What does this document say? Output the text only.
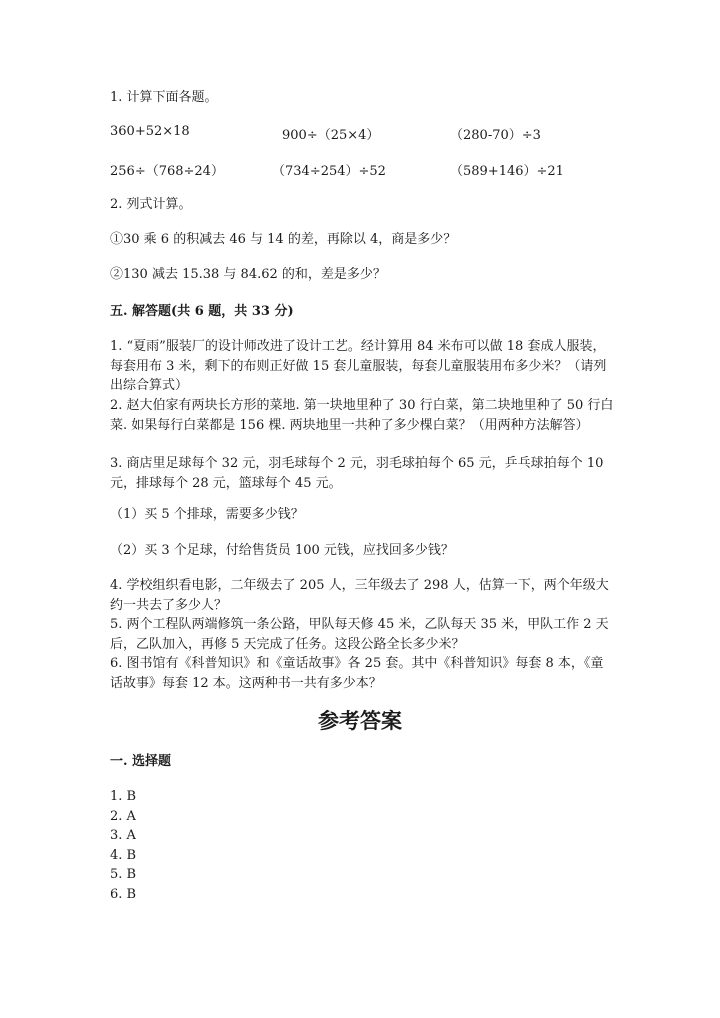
1. 计算下面各题。
360+52×18	900÷（25×4）	（280-70）÷3
256÷（768÷24）	（734÷254）÷52	（589+146）÷21
2. 列式计算。
①30 乘 6 的积减去 46 与 14 的差，再除以 4，商是多少？
②130 减去 15.38 与 84.62 的和，差是多少？
五. 解答题(共 6 题，共 33 分)
1. “夏雨”服装厂的设计师改进了设计工艺。经计算用 84 米布可以做 18 套成人服装，每套用布 3 米，剩下的布则正好做 15 套儿童服装，每套儿童服装用布多少米？（请列出综合算式）
2. 赵大伯家有两块长方形的菜地. 第一块地里种了 30 行白菜，第二块地里种了 50 行白菜. 如果每行白菜都是 156 棵. 两块地里一共种了多少棵白菜？（用两种方法解答）
3. 商店里足球每个 32 元，羽毛球每个 2 元，羽毛球拍每个 65 元，乒乓球拍每个 10 元，排球每个 28 元，篮球每个 45 元。
（1）买 5 个排球，需要多少钱？
（2）买 3 个足球，付给售货员 100 元钱，应找回多少钱？
4. 学校组织看电影，二年级去了 205 人，三年级去了 298 人，估算一下，两个年级大约一共去了多少人？
5. 两个工程队两端修筑一条公路，甲队每天修 45 米，乙队每天 35 米，甲队工作 2 天后，乙队加入，再修 5 天完成了任务。这段公路全长多少米？
6. 图书馆有《科普知识》和《童话故事》各 25 套。其中《科普知识》每套 8 本，《童话故事》每套 12 本。这两种书一共有多少本？
参考答案
一. 选择题
1. B
2. A
3. A
4. B
5. B
6. B
